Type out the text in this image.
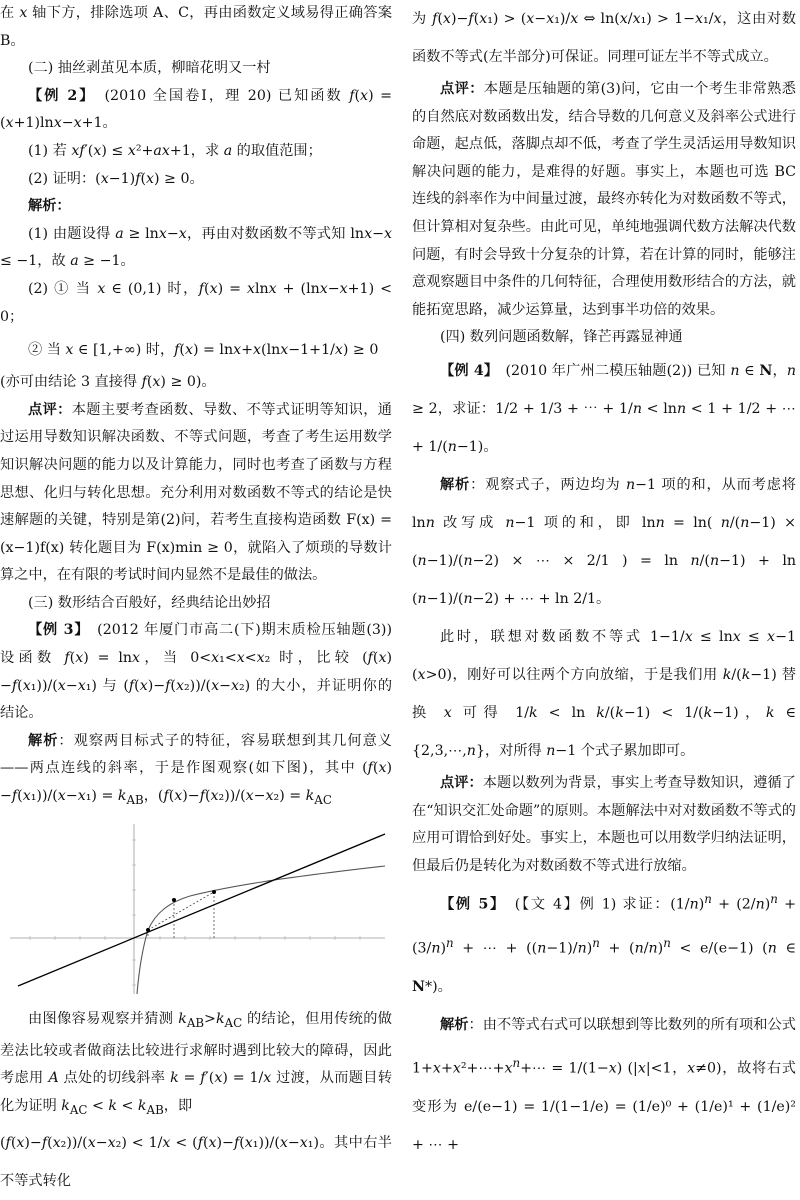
在 x 轴下方，排除选项 A、C，再由函数定义域易得正确答案 B。

(二) 抽丝剥茧见本质，柳暗花明又一村

【例 2】　(2010 全国卷Ⅰ，理 20) 已知函数 f(x) = (x+1)lnx−x+1。

(1) 若 xf′(x) ≤ x²+ax+1，求 a 的取值范围；

(2) 证明：(x−1)f(x) ≥ 0。

解析：

(1) 由题设得 a ≥ lnx−x，再由对数函数不等式知 lnx−x ≤ −1，故 a ≥ −1。

(2) ① 当 x ∈ (0,1) 时，f(x) = xlnx + (lnx−x+1) < 0；

② 当 x ∈ [1,+∞) 时，f(x) = lnx+x(lnx−1+1/x) ≥ 0

(亦可由结论 3 直接得 f(x) ≥ 0)。

点评：本题主要考查函数、导数、不等式证明等知识，通过运用导数知识解决函数、不等式问题，考查了考生运用数学知识解决问题的能力以及计算能力，同时也考查了函数与方程思想、化归与转化思想。充分利用对数函数不等式的结论是快速解题的关键，特别是第(2)问，若考生直接构造函数 F(x) = (x−1)f(x) 转化题目为 F(x)min ≥ 0，就陷入了烦琐的导数计算之中，在有限的考试时间内显然不是最佳的做法。

(三) 数形结合百般好，经典结论出妙招

【例 3】　(2012 年厦门市高二(下)期末质检压轴题(3)) 设函数 f(x) = lnx，当 0<x₁<x<x₂ 时，比较 (f(x)−f(x₁))/(x−x₁) 与 (f(x)−f(x₂))/(x−x₂) 的大小，并证明你的结论。

解析：观察两目标式子的特征，容易联想到其几何意义——两点连线的斜率，于是作图观察(如下图)，其中 $(f(x)-f(x_1))/(x-x_1) = k_{AB}$，$(f(x)-f(x_2))/(x-x_2) = k_{AC}$

由图像容易观察并猜测 $k_{AB}>k_{AC}$ 的结论，但用传统的做差法比较或者做商法比较进行求解时遇到比较大的障碍，因此考虑用 A 点处的切线斜率 k = f′(x) = 1/x 过渡，从而题目转化为证明 $k_{AC} < k < k_{AB}$，即

(f(x)−f(x₂))/(x−x₂) < 1/x < (f(x)−f(x₁))/(x−x₁)。其中右半不等式转化

为 f(x)−f(x₁) > (x−x₁)/x ⇔ ln(x/x₁) > 1−x₁/x，这由对数函数不等式(左半部分)可保证。同理可证左半不等式成立。

点评：本题是压轴题的第(3)问，它由一个考生非常熟悉的自然底对数函数出发，结合导数的几何意义及斜率公式进行命题，起点低，落脚点却不低，考查了学生灵活运用导数知识解决问题的能力，是难得的好题。事实上，本题也可选 BC 连线的斜率作为中间量过渡，最终亦转化为对数函数不等式，但计算相对复杂些。由此可见，单纯地强调代数方法解决代数问题，有时会导致十分复杂的计算，若在计算的同时，能够注意观察题目中条件的几何特征，合理使用数形结合的方法，就能拓宽思路，减少运算量，达到事半功倍的效果。

(四) 数列问题函数解，锋芒再露显神通

【例 4】　(2010 年广州二模压轴题(2)) 已知 n ∈ N，n ≥ 2，求证：1/2 + 1/3 + ⋯ + 1/n < lnn < 1 + 1/2 + ⋯ + 1/(n−1)。

解析：观察式子，两边均为 n−1 项的和，从而考虑将 lnn 改写成 n−1 项的和，即 lnn = ln( n/(n−1) × (n−1)/(n−2) × ⋯ × 2/1 ) = ln n/(n−1) + ln (n−1)/(n−2) + ⋯ + ln 2/1。

此时，联想对数函数不等式 1−1/x ≤ lnx ≤ x−1 (x>0)，刚好可以往两个方向放缩，于是我们用 k/(k−1) 替换 x 可得 1/k < ln k/(k−1) < 1/(k−1)，k ∈ {2,3,⋯,n}，对所得 n−1 个式子累加即可。

点评：本题以数列为背景，事实上考查导数知识，遵循了在“知识交汇处命题”的原则。本题解法中对对数函数不等式的应用可谓恰到好处。事实上，本题也可以用数学归纳法证明，但最后仍是转化为对数函数不等式进行放缩。

【例 5】　(【文 4】例 1) 求证：$(1/n)^n + (2/n)^n + (3/n)^n$ + ⋯ + $((n-1)/n)^n + (n/n)^n < e/(e-1)$ (n ∈ N*)。

解析：由不等式右式可以联想到等比数列的所有项和公式 $1+x+x^2+\cdots+x^n+\cdots = 1/(1-x)$ (|x|<1，x≠0)，故将右式变形为 e/(e−1) = 1/(1−1/e) = (1/e)⁰ + (1/e)¹ + (1/e)² + ⋯ +
